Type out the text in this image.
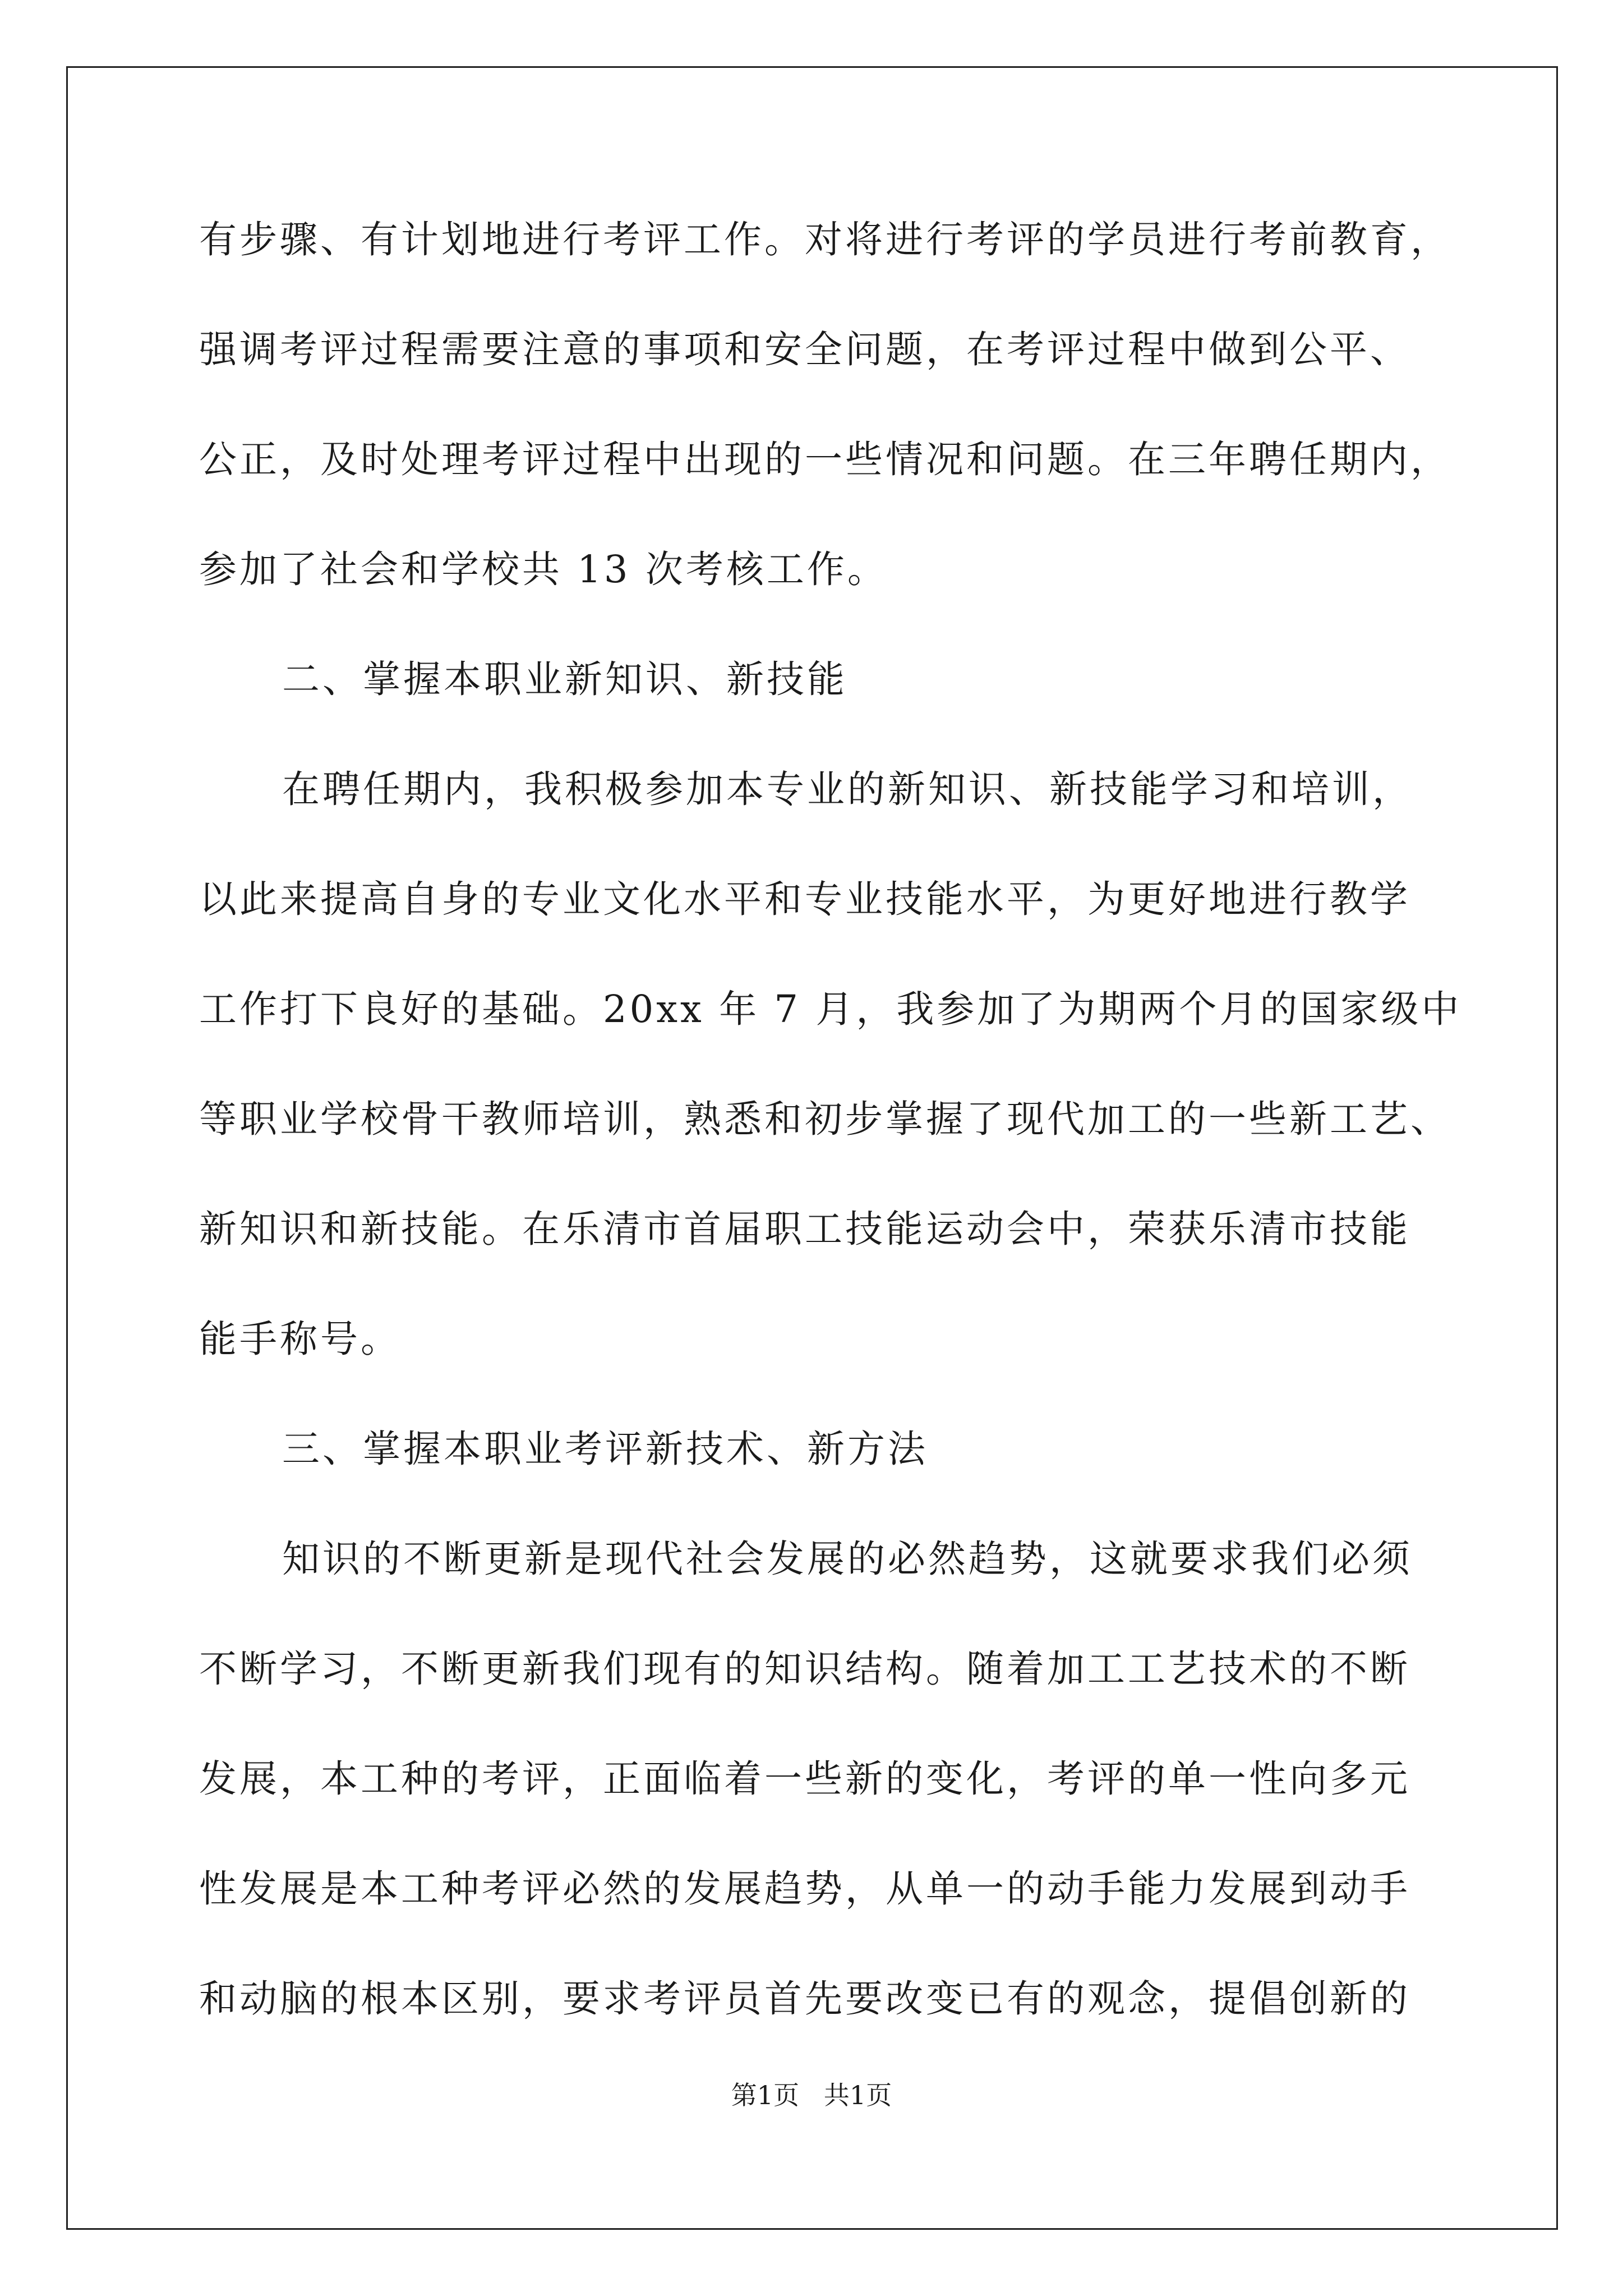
有步骤、有计划地进行考评工作。对将进行考评的学员进行考前教育，
强调考评过程需要注意的事项和安全问题，在考评过程中做到公平、
公正，及时处理考评过程中出现的一些情况和问题。在三年聘任期内，
参加了社会和学校共 13 次考核工作。
二、掌握本职业新知识、新技能
在聘任期内，我积极参加本专业的新知识、新技能学习和培训，
以此来提高自身的专业文化水平和专业技能水平，为更好地进行教学
工作打下良好的基础。20xx 年 7 月，我参加了为期两个月的国家级中
等职业学校骨干教师培训，熟悉和初步掌握了现代加工的一些新工艺、
新知识和新技能。在乐清市首届职工技能运动会中，荣获乐清市技能
能手称号。
三、掌握本职业考评新技术、新方法
知识的不断更新是现代社会发展的必然趋势，这就要求我们必须
不断学习，不断更新我们现有的知识结构。随着加工工艺技术的不断
发展，本工种的考评，正面临着一些新的变化，考评的单一性向多元
性发展是本工种考评必然的发展趋势，从单一的动手能力发展到动手
和动脑的根本区别，要求考评员首先要改变已有的观念，提倡创新的
第1页   共1页
